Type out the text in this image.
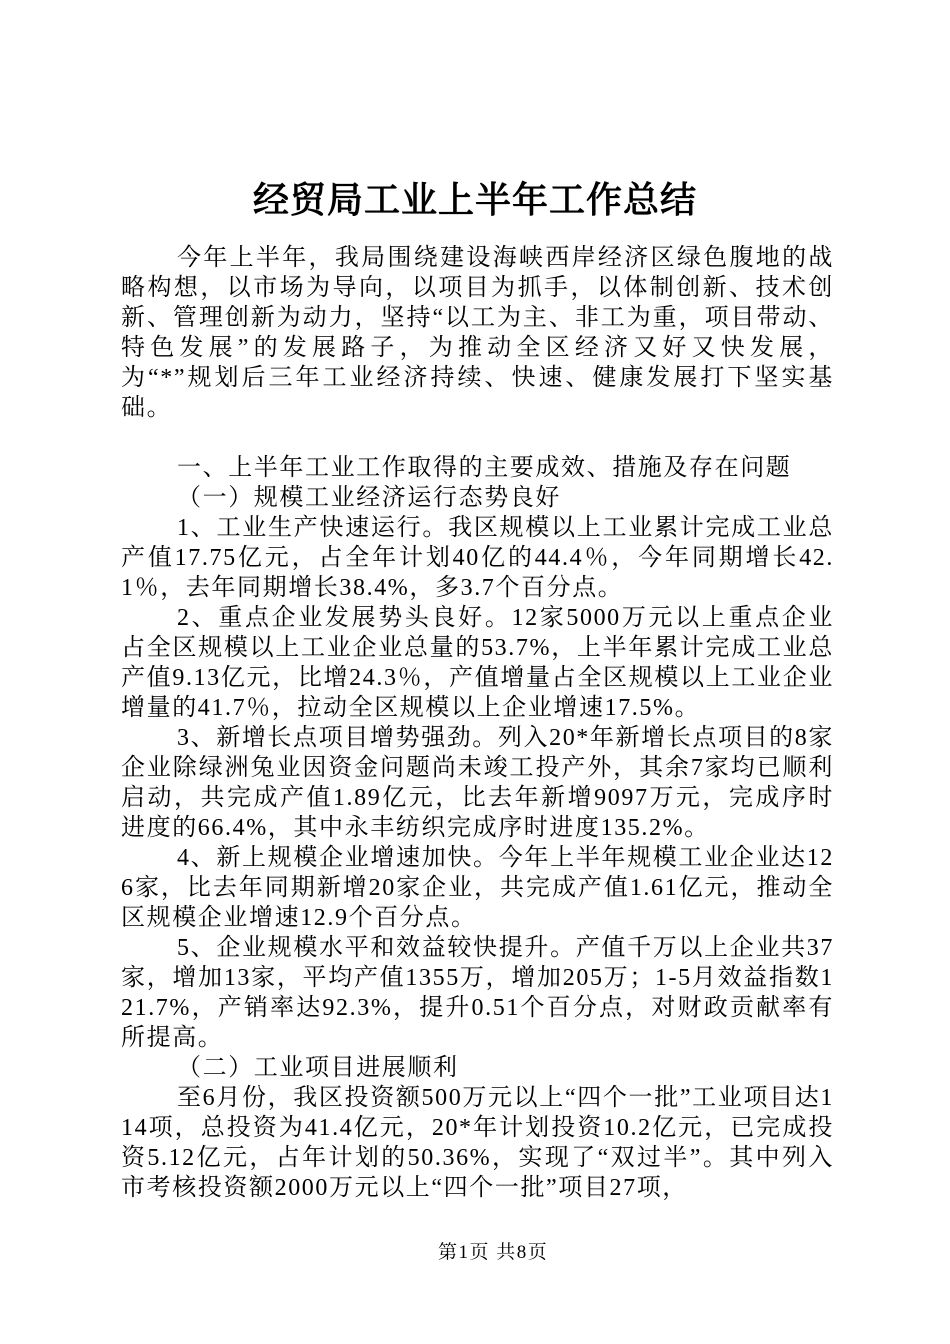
经贸局工业上半年工作总结

今年上半年，我局围绕建设海峡西岸经济区绿色腹地的战略构想，以市场为导向，以项目为抓手，以体制创新、技术创新、管理创新为动力，坚持“以工为主、非工为重，项目带动、特色发展”的发展路子，为推动全区经济又好又快发展，为“*”规划后三年工业经济持续、快速、健康发展打下坚实基础。

一、上半年工业工作取得的主要成效、措施及存在问题

（一）规模工业经济运行态势良好

1、工业生产快速运行。我区规模以上工业累计完成工业总产值17.75亿元，占全年计划40亿的44.4％，今年同期增长42.1％，去年同期增长38.4%，多3.7个百分点。

2、重点企业发展势头良好。12家5000万元以上重点企业占全区规模以上工业企业总量的53.7%，上半年累计完成工业总产值9.13亿元，比增24.3％，产值增量占全区规模以上工业企业增量的41.7％，拉动全区规模以上企业增速17.5%。

3、新增长点项目增势强劲。列入20*年新增长点项目的8家企业除绿洲兔业因资金问题尚未竣工投产外，其余7家均已顺利启动，共完成产值1.89亿元，比去年新增9097万元，完成序时进度的66.4%，其中永丰纺织完成序时进度135.2%。

4、新上规模企业增速加快。今年上半年规模工业企业达126家，比去年同期新增20家企业，共完成产值1.61亿元，推动全区规模企业增速12.9个百分点。

5、企业规模水平和效益较快提升。产值千万以上企业共37家，增加13家，平均产值1355万，增加205万；1-5月效益指数121.7%，产销率达92.3%，提升0.51个百分点，对财政贡献率有所提高。

（二）工业项目进展顺利

至6月份，我区投资额500万元以上“四个一批”工业项目达114项，总投资为41.4亿元，20*年计划投资10.2亿元，已完成投资5.12亿元，占年计划的50.36%，实现了“双过半”。其中列入市考核投资额2000万元以上“四个一批”项目27项，

第1页 共8页
